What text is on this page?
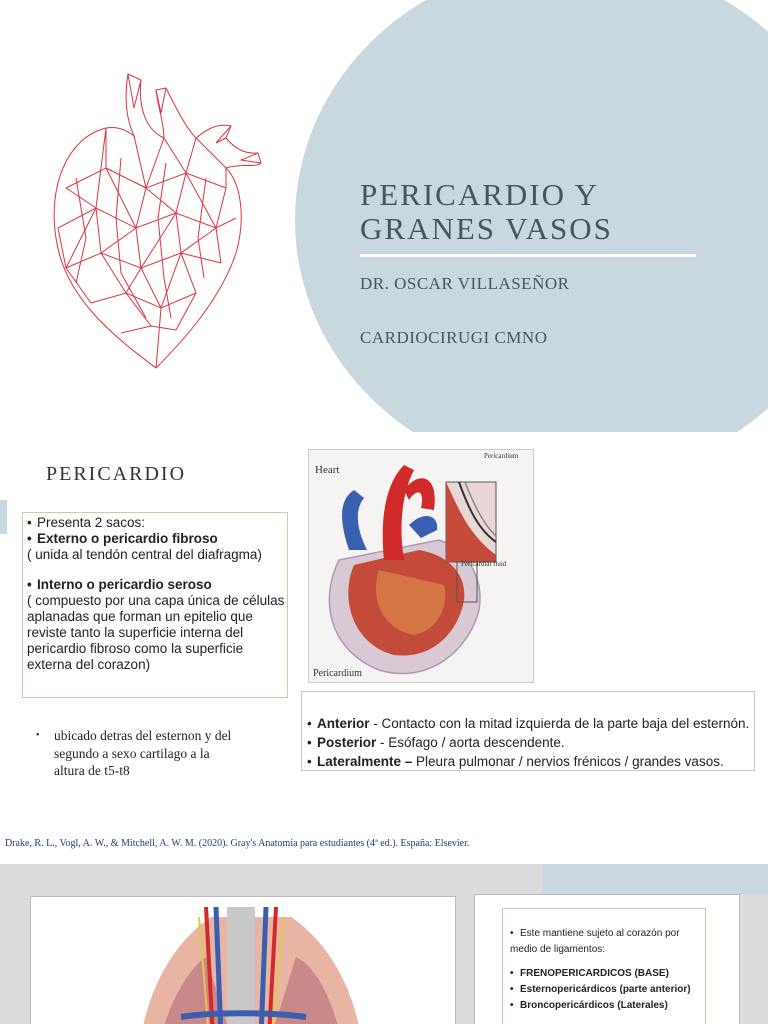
PERICARDIO Y
GRANES VASOS
DR. OSCAR VILLASEÑOR
CARDIOCIRUGI CMNO
PERICARDIO

• Presenta 2 sacos:

• Externo o pericardio fibroso

( unida al tendón central del diafragma)

• Interno o pericardio seroso

( compuesto por una capa única de células aplanadas que forman un epitelio que reviste tanto la superficie interna del pericardio fibroso como la superficie externa del corazon)

• ubicado detras del esternon y del segundo a sexo cartilago a la altura de t5-t8
Heart
Pericardium
Pericardial fluid
Pericardium

• Anterior - Contacto con la mitad izquierda de la parte baja del esternón.

• Posterior - Esófago / aorta descendente.

• Lateralmente – Pleura pulmonar / nervios frénicos / grandes vasos.

Drake, R. L., Vogl, A. W., & Mitchell, A. W. M. (2020). Gray's Anatomia para estudiantes (4ª ed.). España: Elsevier.

• Este mantiene sujeto al corazón por medio de ligamentos:

• FRENOPERICARDICOS (BASE)

• Esternopericárdicos (parte anterior)

• Broncopericárdicos (Laterales)
